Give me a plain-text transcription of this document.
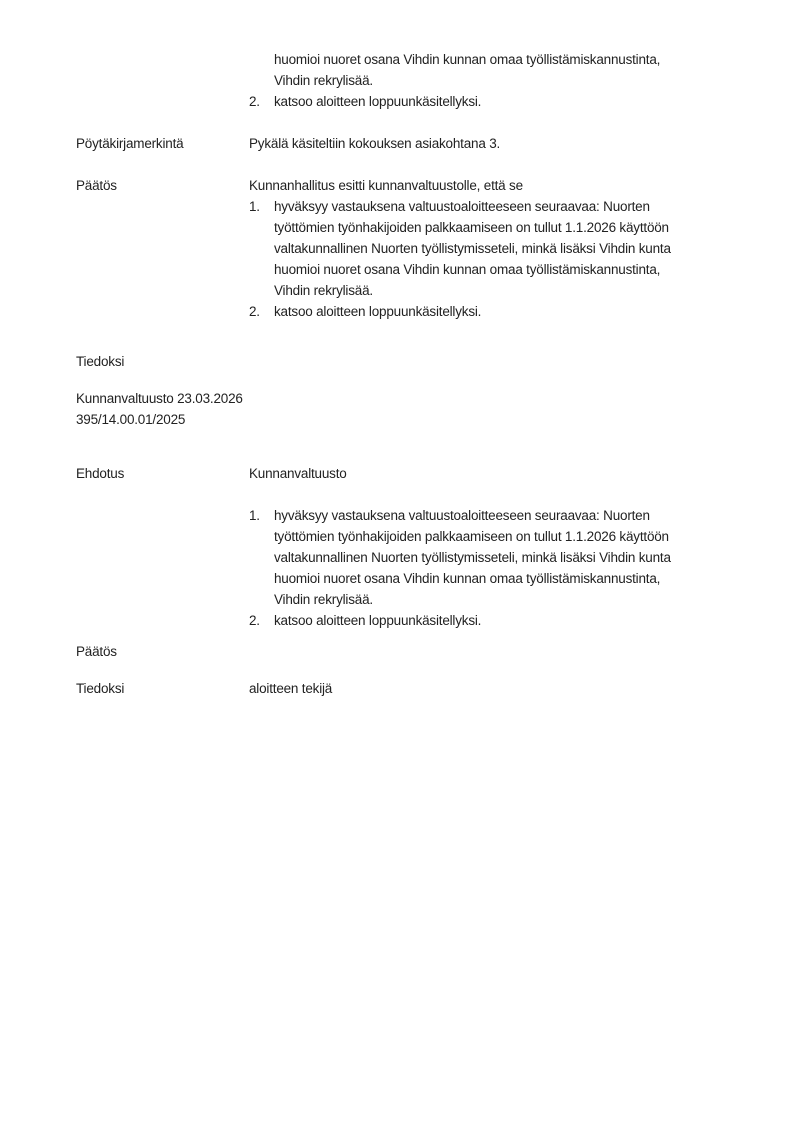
huomioi nuoret osana Vihdin kunnan omaa työllistämiskannustinta,
Vihdin rekrylisää.
2.	katsoo aloitteen loppuunkäsitellyksi.
Pöytäkirjamerkintä	Pykälä käsiteltiin kokouksen asiakohtana 3.
Päätös	Kunnanhallitus esitti kunnanvaltuustolle, että se
1.	hyväksyy vastauksena valtuustoaloitteeseen seuraavaa: Nuorten
työttömien työnhakijoiden palkkaamiseen on tullut 1.1.2026 käyttöön
valtakunnallinen Nuorten työllistymisseteli, minkä lisäksi Vihdin kunta
huomioi nuoret osana Vihdin kunnan omaa työllistämiskannustinta,
Vihdin rekrylisää.
2.	katsoo aloitteen loppuunkäsitellyksi.
Tiedoksi
Kunnanvaltuusto 23.03.2026
395/14.00.01/2025
Ehdotus	Kunnanvaltuusto
1.	hyväksyy vastauksena valtuustoaloitteeseen seuraavaa: Nuorten
työttömien työnhakijoiden palkkaamiseen on tullut 1.1.2026 käyttöön
valtakunnallinen Nuorten työllistymisseteli, minkä lisäksi Vihdin kunta
huomioi nuoret osana Vihdin kunnan omaa työllistämiskannustinta,
Vihdin rekrylisää.
2.	katsoo aloitteen loppuunkäsitellyksi.
Päätös
Tiedoksi	aloitteen tekijä
